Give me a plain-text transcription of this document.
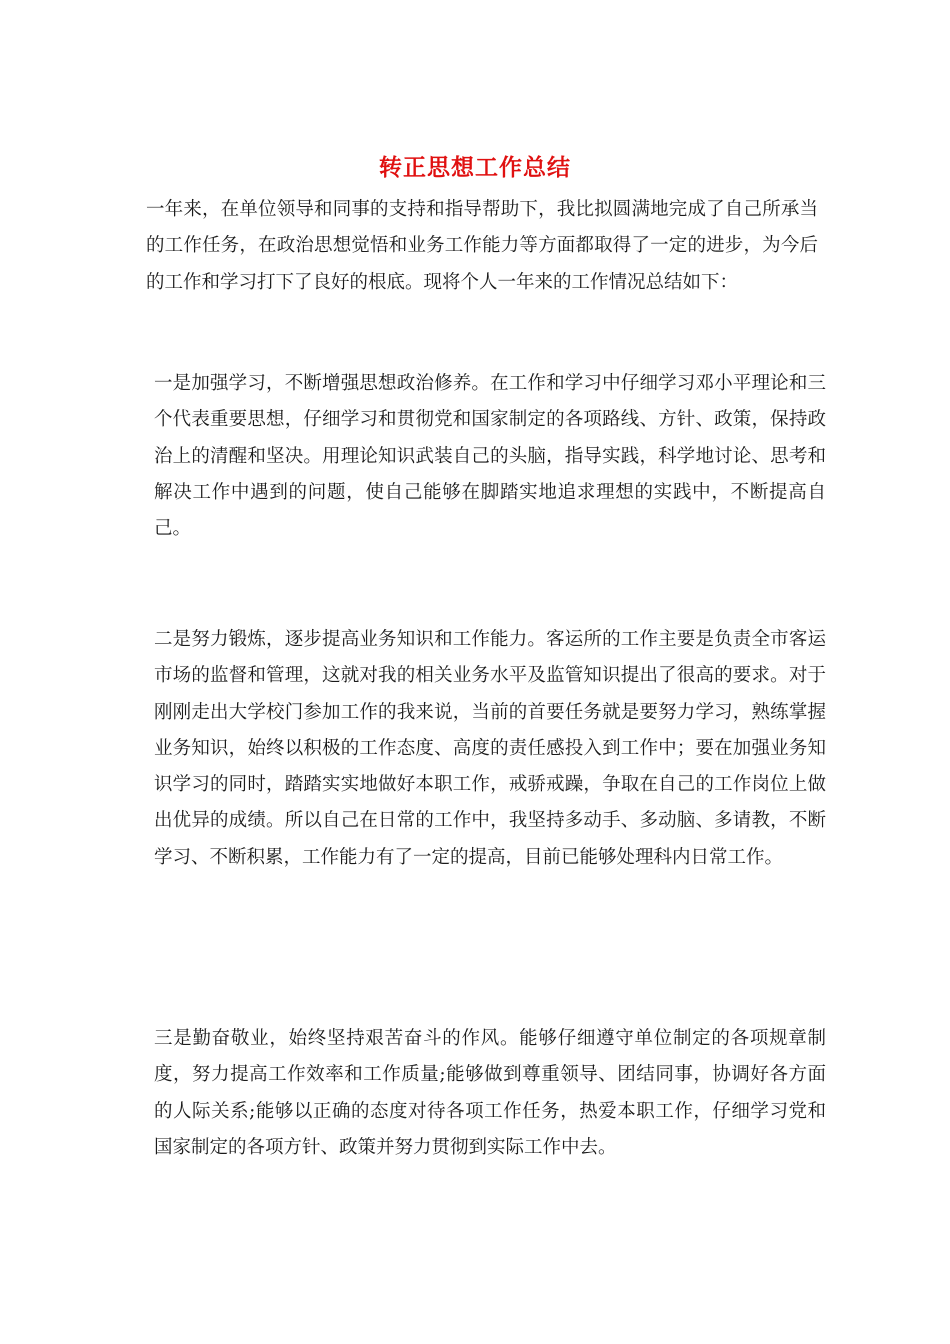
转正思想工作总结

一年来，在单位领导和同事的支持和指导帮助下，我比拟圆满地完成了自己所承当的工作任务，在政治思想觉悟和业务工作能力等方面都取得了一定的进步，为今后的工作和学习打下了良好的根底。现将个人一年来的工作情况总结如下：

一是加强学习，不断增强思想政治修养。在工作和学习中仔细学习邓小平理论和三个代表重要思想，仔细学习和贯彻党和国家制定的各项路线、方针、政策，保持政治上的清醒和坚决。用理论知识武装自己的头脑，指导实践，科学地讨论、思考和解决工作中遇到的问题，使自己能够在脚踏实地追求理想的实践中，不断提高自己。

二是努力锻炼，逐步提高业务知识和工作能力。客运所的工作主要是负责全市客运市场的监督和管理，这就对我的相关业务水平及监管知识提出了很高的要求。对于刚刚走出大学校门参加工作的我来说，当前的首要任务就是要努力学习，熟练掌握业务知识，始终以积极的工作态度、高度的责任感投入到工作中；要在加强业务知识学习的同时，踏踏实实地做好本职工作，戒骄戒躁，争取在自己的工作岗位上做出优异的成绩。所以自己在日常的工作中，我坚持多动手、多动脑、多请教，不断学习、不断积累，工作能力有了一定的提高，目前已能够处理科内日常工作。

三是勤奋敬业，始终坚持艰苦奋斗的作风。能够仔细遵守单位制定的各项规章制度，努力提高工作效率和工作质量;能够做到尊重领导、团结同事，协调好各方面的人际关系;能够以正确的态度对待各项工作任务，热爱本职工作，仔细学习党和国家制定的各项方针、政策并努力贯彻到实际工作中去。
